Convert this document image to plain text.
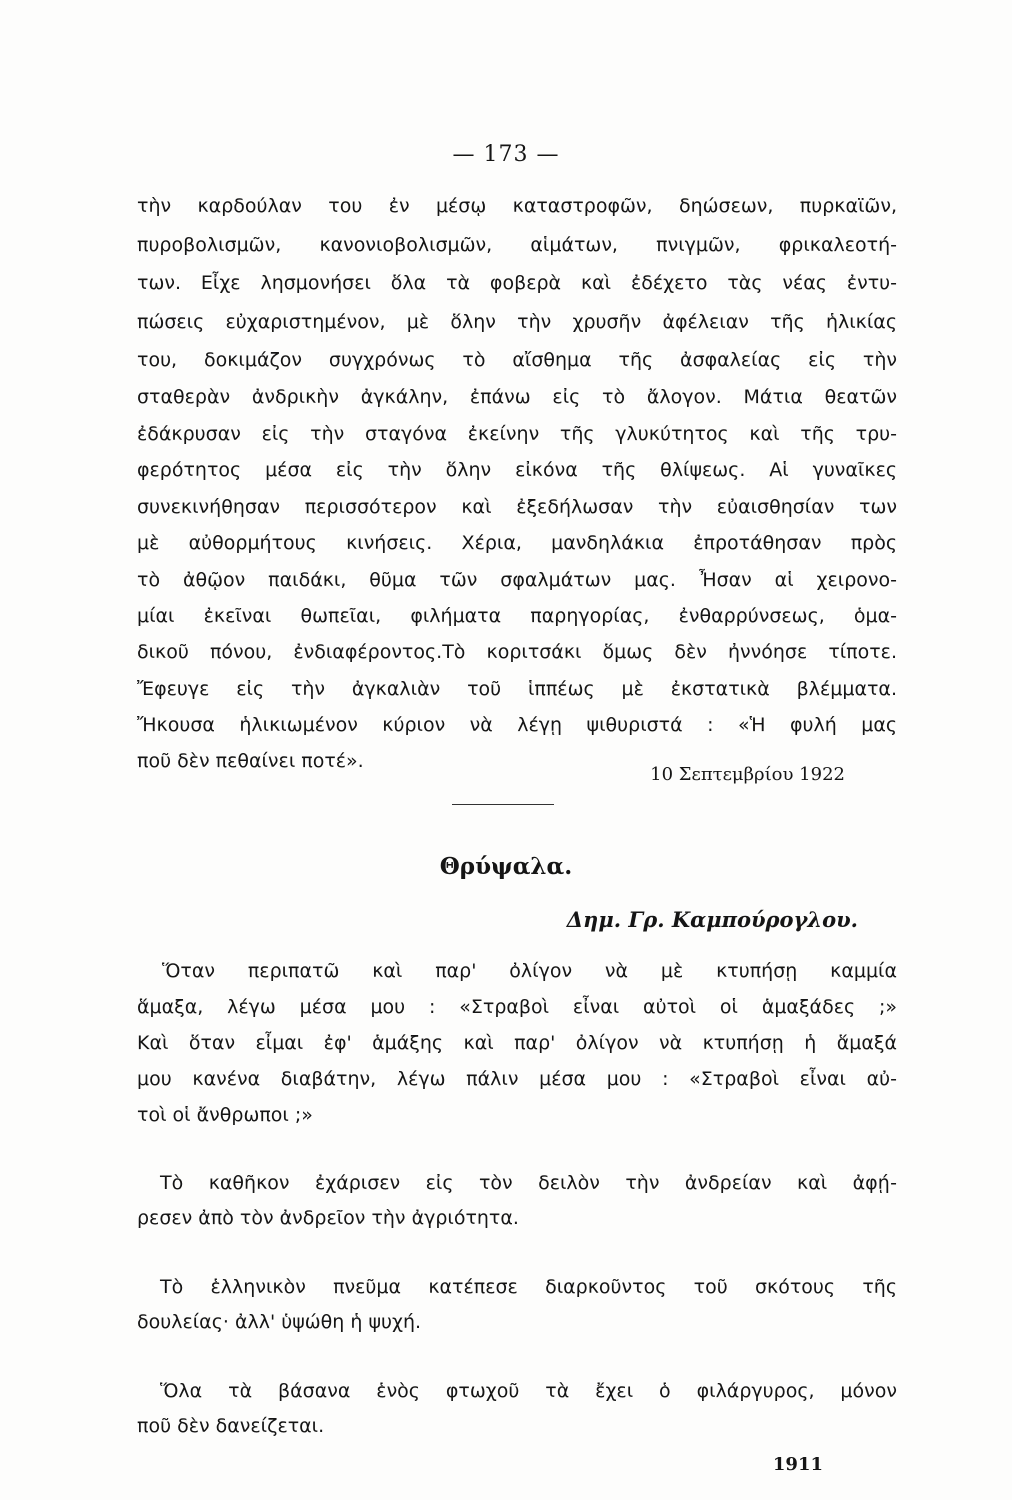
— 173 —
τὴν καρδούλαν του ἐν μέσῳ καταστροφῶν, δηώσεων, πυρκαϊῶν,
πυροβολισμῶν, κανονιοβολισμῶν, αἱμάτων, πνιγμῶν, φρικαλεοτή-
των. Εἶχε λησμονήσει ὅλα τὰ φοβερὰ καὶ ἐδέχετο τὰς νέας ἐντυ-
πώσεις εὐχαριστημένον, μὲ ὅλην τὴν χρυσῆν ἀφέλειαν τῆς ἡλικίας
του, δοκιμάζον συγχρόνως τὸ αἴσθημα τῆς ἀσφαλείας εἰς τὴν
σταθερὰν ἀνδρικὴν ἀγκάλην, ἐπάνω εἰς τὸ ἄλογον. Μάτια θεατῶν
ἐδάκρυσαν εἰς τὴν σταγόνα ἐκείνην τῆς γλυκύτητος καὶ τῆς τρυ-
φερότητος μέσα εἰς τὴν ὅλην εἰκόνα τῆς θλίψεως. Αἱ γυναῖκες
συνεκινήθησαν περισσότερον καὶ ἐξεδήλωσαν τὴν εὐαισθησίαν των
μὲ αὐθορμήτους κινήσεις. Χέρια, μανδηλάκια ἐπροτάθησαν πρὸς
τὸ ἀθῷον παιδάκι, θῦμα τῶν σφαλμάτων μας. Ἦσαν αἱ χειρονο-
μίαι ἐκεῖναι θωπεῖαι, φιλήματα παρηγορίας, ἐνθαρρύνσεως, ὁμα-
δικοῦ πόνου, ἐνδιαφέροντος.Τὸ κοριτσάκι ὅμως δὲν ἠννόησε τίποτε.
Ἔφευγε εἰς τὴν ἀγκαλιὰν τοῦ ἱππέως μὲ ἐκστατικὰ βλέμματα.
Ἤκουσα ἡλικιωμένον κύριον νὰ λέγῃ ψιθυριστά : «Ἡ φυλή μας
ποῦ δὲν πεθαίνει ποτέ».
10 Σεπτεμβρίου 1922
Θρύψαλα.
Δημ. Γρ. Καμπούρογλου.
Ὅταν περιπατῶ καὶ παρ' ὀλίγον νὰ μὲ κτυπήσῃ καμμία
ἅμαξα, λέγω μέσα μου : «Στραβοὶ εἶναι αὐτοὶ οἱ ἁμαξάδες ;»
Καὶ ὅταν εἶμαι ἐφ' ἁμάξης καὶ παρ' ὀλίγον νὰ κτυπήσῃ ἡ ἅμαξά
μου κανένα διαβάτην, λέγω πάλιν μέσα μου : «Στραβοὶ εἶναι αὐ-
τοὶ οἱ ἄνθρωποι ;»
Τὸ καθῆκον ἐχάρισεν εἰς τὸν δειλὸν τὴν ἀνδρείαν καὶ ἀφῄ-
ρεσεν ἀπὸ τὸν ἀνδρεῖον τὴν ἀγριότητα.
Τὸ ἑλληνικὸν πνεῦμα κατέπεσε διαρκοῦντος τοῦ σκότους τῆς
δουλείας· ἀλλ' ὑψώθη ἡ ψυχή.
Ὅλα τὰ βάσανα ἑνὸς φτωχοῦ τὰ ἔχει ὁ φιλάργυρος, μόνον
ποῦ δὲν δανείζεται.
1911
